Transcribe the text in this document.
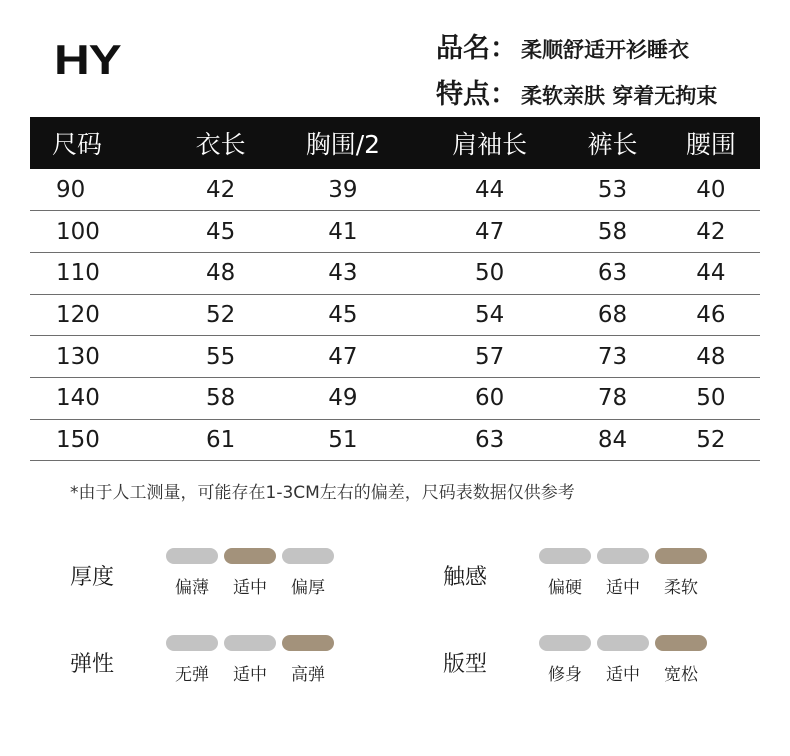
HY	品名： 柔顺舒适开衫睡衣
特点： 柔软亲肤 穿着无拘束
尺码	衣长	胸围/2	肩袖长	裤长	腰围
90	42	39	44	53	40
100	45	41	47	58	42
110	48	43	50	63	44
120	52	45	54	68	46
130	55	47	57	73	48
140	58	49	60	78	50
150	61	51	63	84	52
*由于人工测量，可能存在1-3CM左右的偏差，尺码表数据仅供参考
厚度	偏薄 适中 偏厚	触感	偏硬 适中 柔软
弹性	无弹 适中 高弹	版型	修身 适中 宽松
